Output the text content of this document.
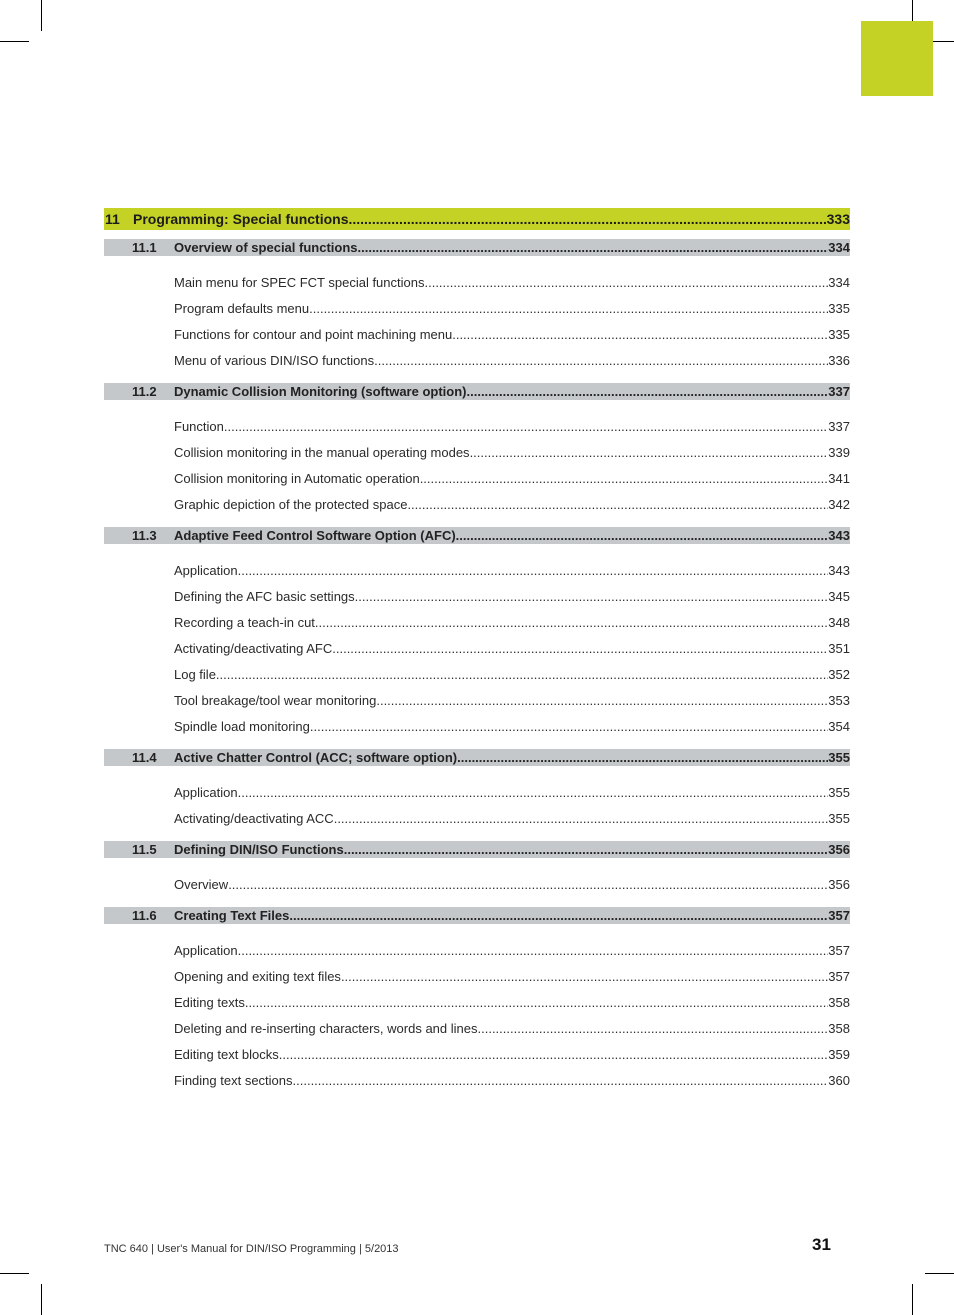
11 Programming: Special functions .....	333
11.1	Overview of special functions .....	334
Main menu for SPEC FCT special functions .....	334
Program defaults menu .....	335
Functions for contour and point machining menu .....	335
Menu of various DIN/ISO functions .....	336
11.2	Dynamic Collision Monitoring (software option) .....	337
Function .....	337
Collision monitoring in the manual operating modes .....	339
Collision monitoring in Automatic operation .....	341
Graphic depiction of the protected space .....	342
11.3	Adaptive Feed Control Software Option (AFC) .....	343
Application .....	343
Defining the AFC basic settings .....	345
Recording a teach-in cut .....	348
Activating/deactivating AFC .....	351
Log file .....	352
Tool breakage/tool wear monitoring .....	353
Spindle load monitoring .....	354
11.4	Active Chatter Control (ACC; software option) .....	355
Application .....	355
Activating/deactivating ACC .....	355
11.5	Defining DIN/ISO Functions .....	356
Overview .....	356
11.6	Creating Text Files .....	357
Application .....	357
Opening and exiting text files .....	357
Editing texts .....	358
Deleting and re-inserting characters, words and lines .....	358
Editing text blocks .....	359
Finding text sections .....	360
TNC 640 | User's Manual for DIN/ISO Programming | 5/2013	31
